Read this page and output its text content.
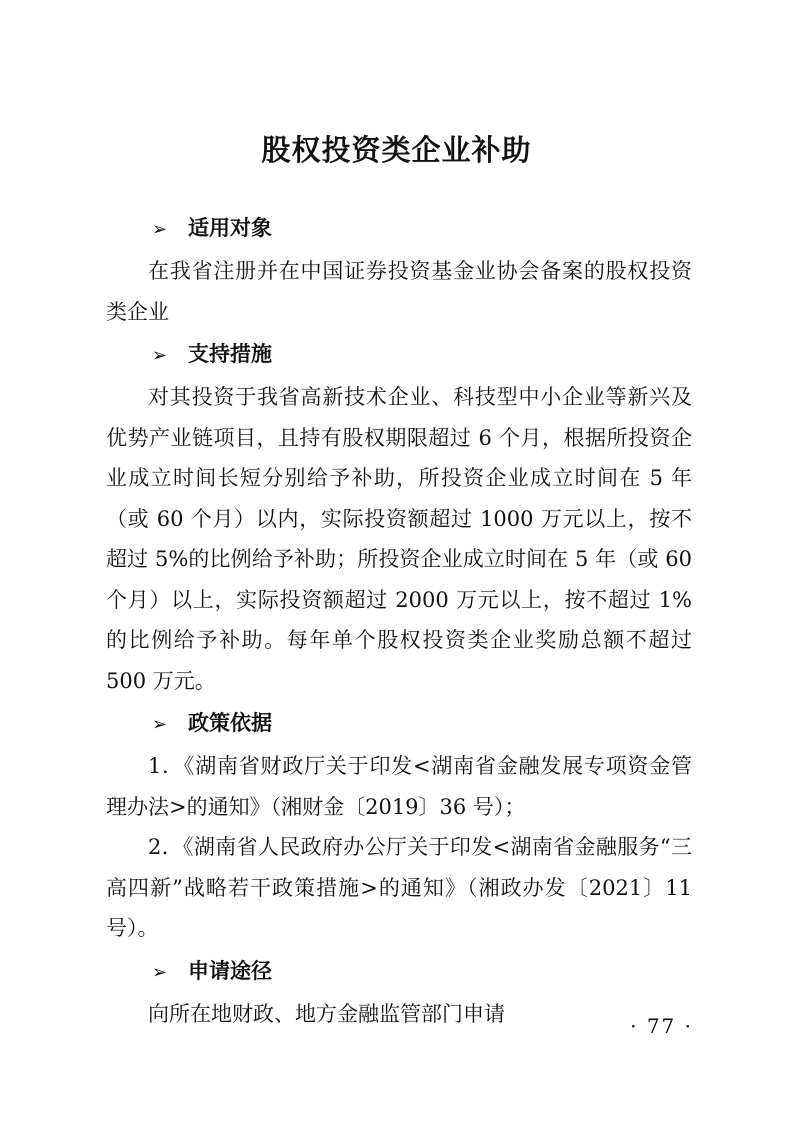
股权投资类企业补助
➢ 适用对象

在我省注册并在中国证券投资基金业协会备案的股权投资类企业

➢ 支持措施

对其投资于我省高新技术企业、科技型中小企业等新兴及优势产业链项目，且持有股权期限超过 6 个月，根据所投资企业成立时间长短分别给予补助，所投资企业成立时间在 5 年（或 60 个月）以内，实际投资额超过 1000 万元以上，按不超过 5%的比例给予补助；所投资企业成立时间在 5 年（或 60 个月）以上，实际投资额超过 2000 万元以上，按不超过 1%的比例给予补助。每年单个股权投资类企业奖励总额不超过 500 万元。

➢ 政策依据

1．《湖南省财政厅关于印发<湖南省金融发展专项资金管理办法>的通知》（湘财金〔2019〕36 号）；

2．《湖南省人民政府办公厅关于印发<湖南省金融服务“三高四新”战略若干政策措施>的通知》（湘政办发〔2021〕11 号）。

➢ 申请途径

向所在地财政、地方金融监管部门申请

· 77 ·
